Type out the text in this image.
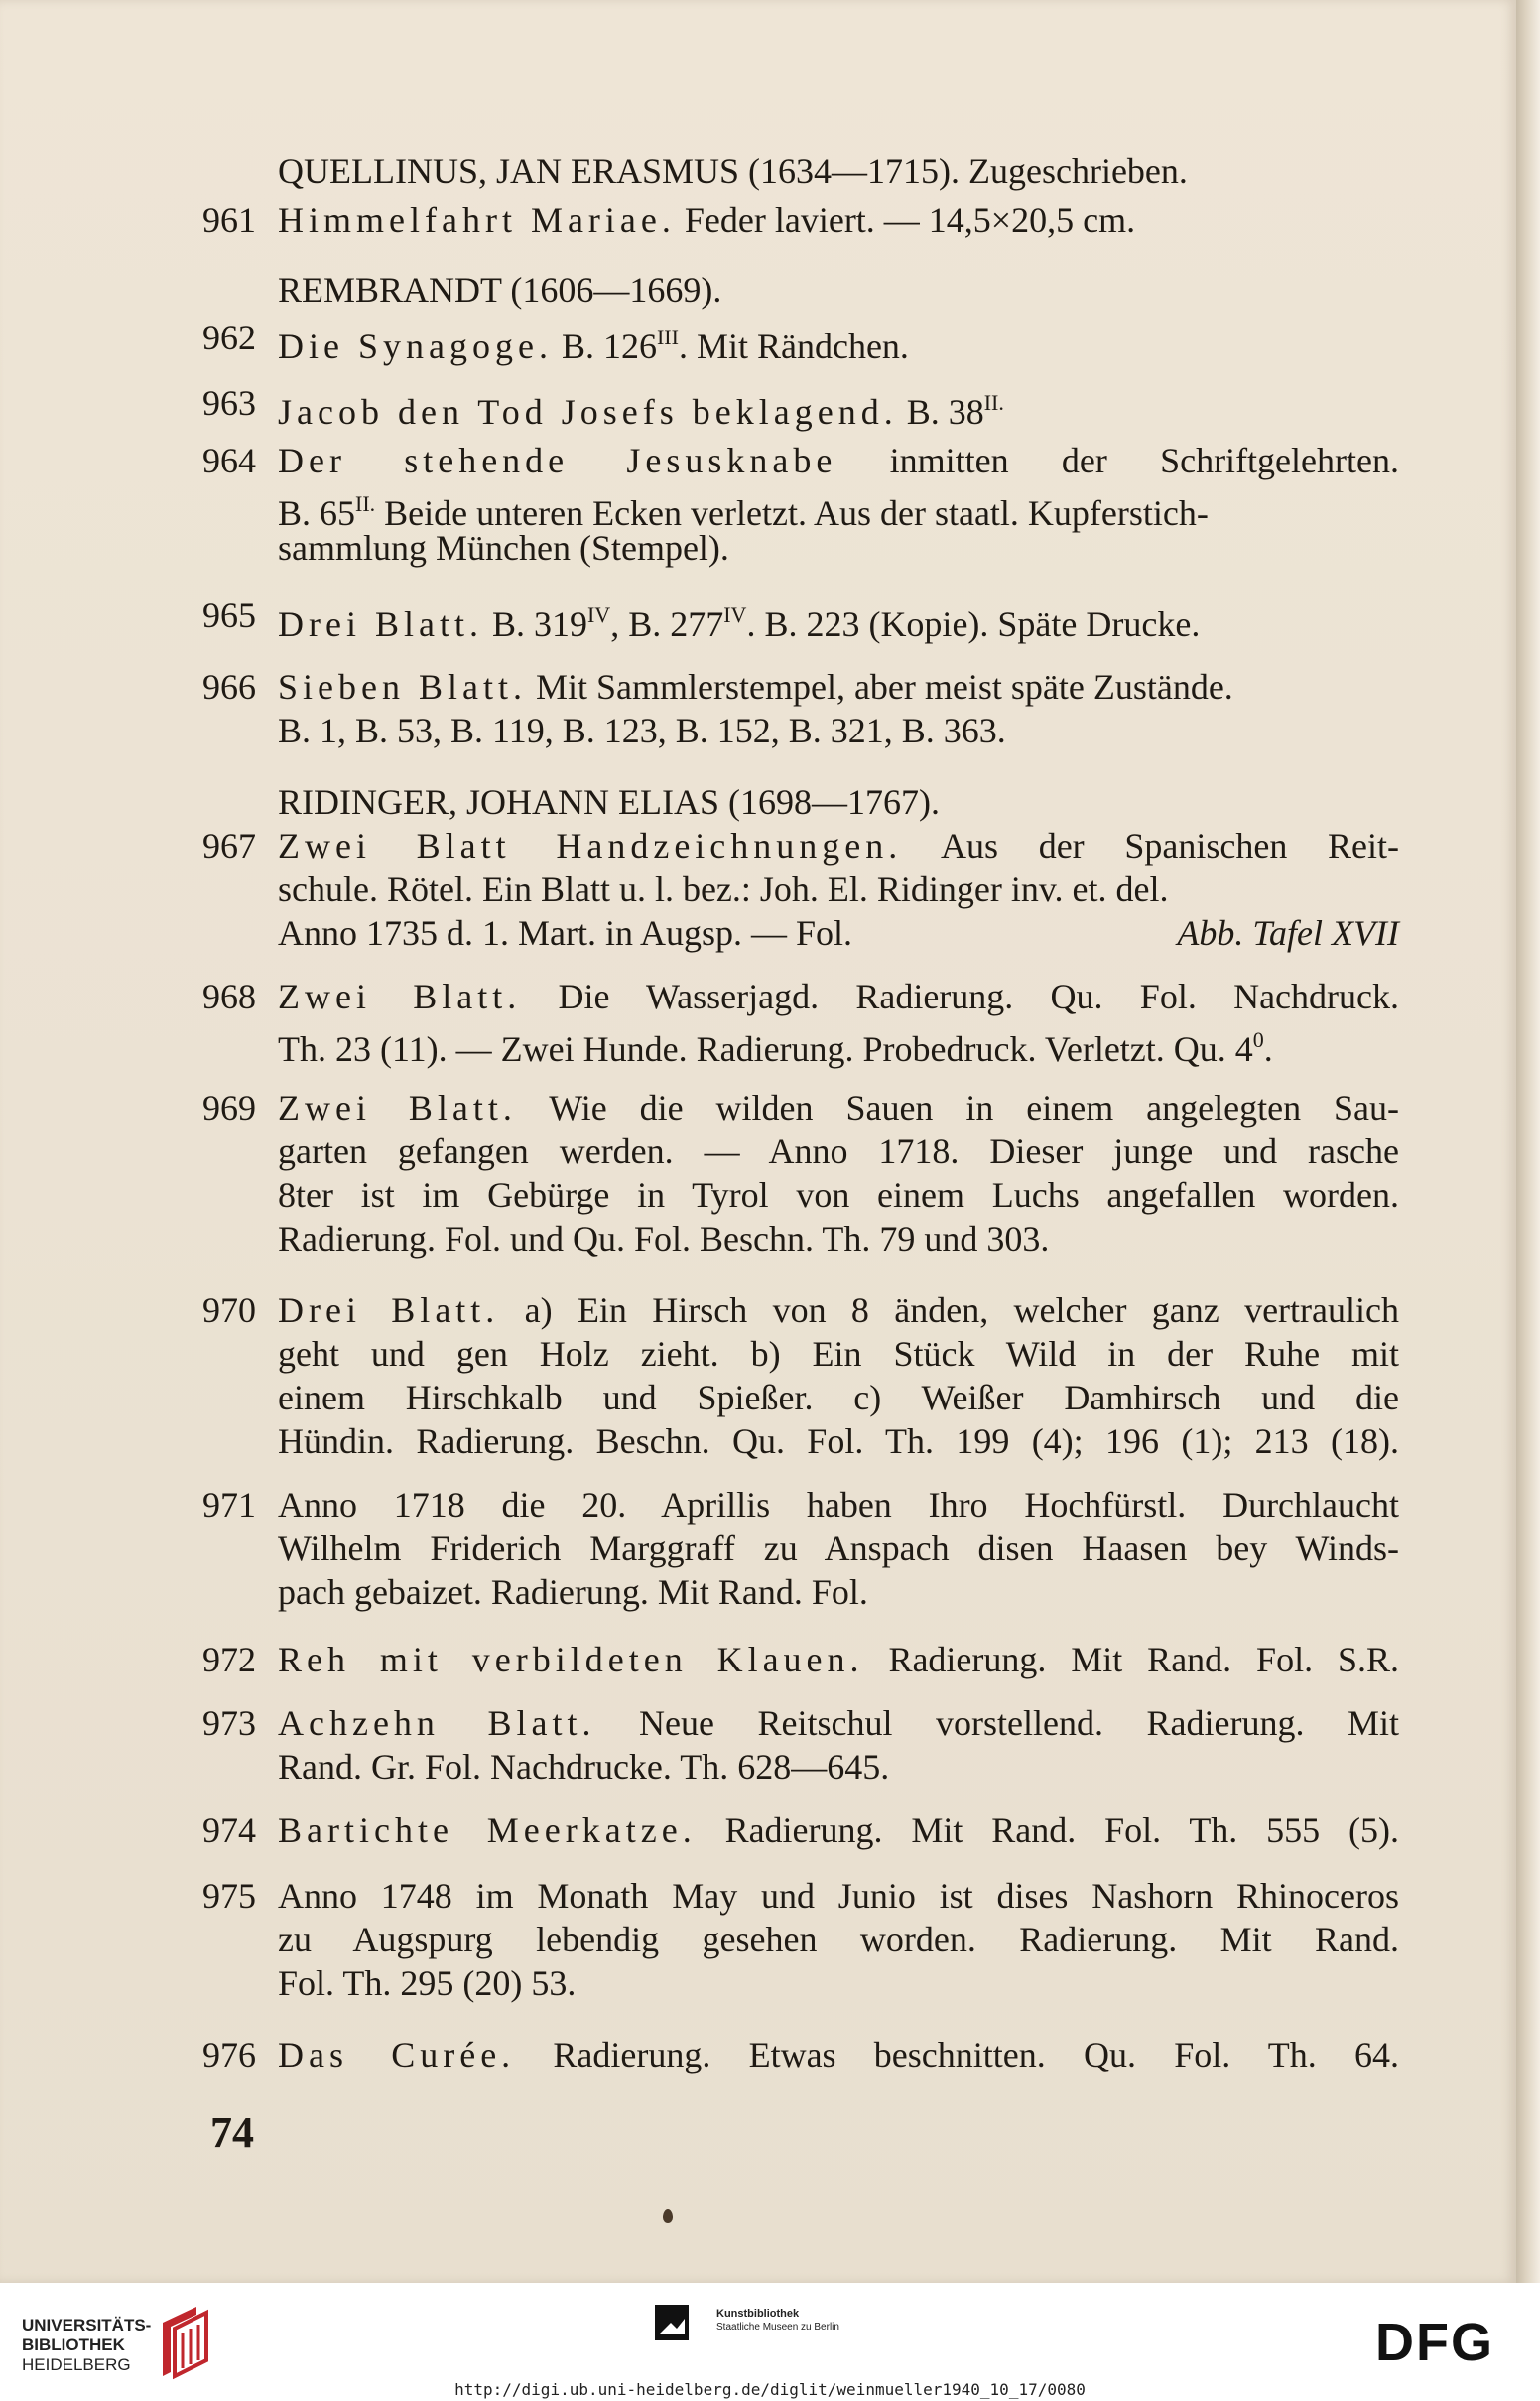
QUELLINUS, JAN ERASMUS (1634—1715). Zugeschrieben.
961 Himmelfahrt Mariae. Feder laviert. — 14,5×20,5 cm.
REMBRANDT (1606—1669).
962 Die Synagoge. B. $126^{III}$. Mit Rändchen.
963 Jacob den Tod Josefs beklagend. B. $38^{II.}$
964 Der stehende Jesusknabe inmitten der Schriftgelehrten.
B. $65^{II.}$ Beide unteren Ecken verletzt. Aus der staatl. Kupferstich-
sammlung München (Stempel).
965 Drei Blatt. B. $319^{IV}$, B. $277^{IV}$. B. 223 (Kopie). Späte Drucke.
966 Sieben Blatt. Mit Sammlerstempel, aber meist späte Zustände.
B. 1, B. 53, B. 119, B. 123, B. 152, B. 321, B. 363.
RIDINGER, JOHANN ELIAS (1698—1767).
967 Zwei Blatt Handzeichnungen. Aus der Spanischen Reit-
schule. Rötel. Ein Blatt u. l. bez.: Joh. El. Ridinger inv. et. del.
Anno 1735 d. 1. Mart. in Augsp. — Fol.	Abb. Tafel XVII
968 Zwei Blatt. Die Wasserjagd. Radierung. Qu. Fol. Nachdruck.
Th. 23 (11). — Zwei Hunde. Radierung. Probedruck. Verletzt. Qu. $4^0$.
969 Zwei Blatt. Wie die wilden Sauen in einem angelegten Sau-
garten gefangen werden. — Anno 1718. Dieser junge und rasche
8ter ist im Gebürge in Tyrol von einem Luchs angefallen worden.
Radierung. Fol. und Qu. Fol. Beschn. Th. 79 und 303.
970 Drei Blatt. a) Ein Hirsch von 8 änden, welcher ganz vertraulich
geht und gen Holz zieht. b) Ein Stück Wild in der Ruhe mit
einem Hirschkalb und Spießer. c) Weißer Damhirsch und die
Hündin. Radierung. Beschn. Qu. Fol. Th. 199 (4); 196 (1); 213 (18).
971 Anno 1718 die 20. Aprillis haben Ihro Hochfürstl. Durchlaucht
Wilhelm Friderich Marggraff zu Anspach disen Haasen bey Winds-
pach gebaizet. Radierung. Mit Rand. Fol.
972 Reh mit verbildeten Klauen. Radierung. Mit Rand. Fol. S.R.
973 Achzehn Blatt. Neue Reitschul vorstellend. Radierung. Mit
Rand. Gr. Fol. Nachdrucke. Th. 628—645.
974 Bartichte Meerkatze. Radierung. Mit Rand. Fol. Th. 555 (5).
975 Anno 1748 im Monath May und Junio ist dises Nashorn Rhinoceros
zu Augspurg lebendig gesehen worden. Radierung. Mit Rand.
Fol. Th. 295 (20) 53.
976 Das Curée. Radierung. Etwas beschnitten. Qu. Fol. Th. 64.
74
UNIVERSITÄTS-
BIBLIOTHEK
HEIDELBERG
Kunstbibliothek
Staatliche Museen zu Berlin	DFG
http://digi.ub.uni-heidelberg.de/diglit/weinmueller1940_10_17/0080
